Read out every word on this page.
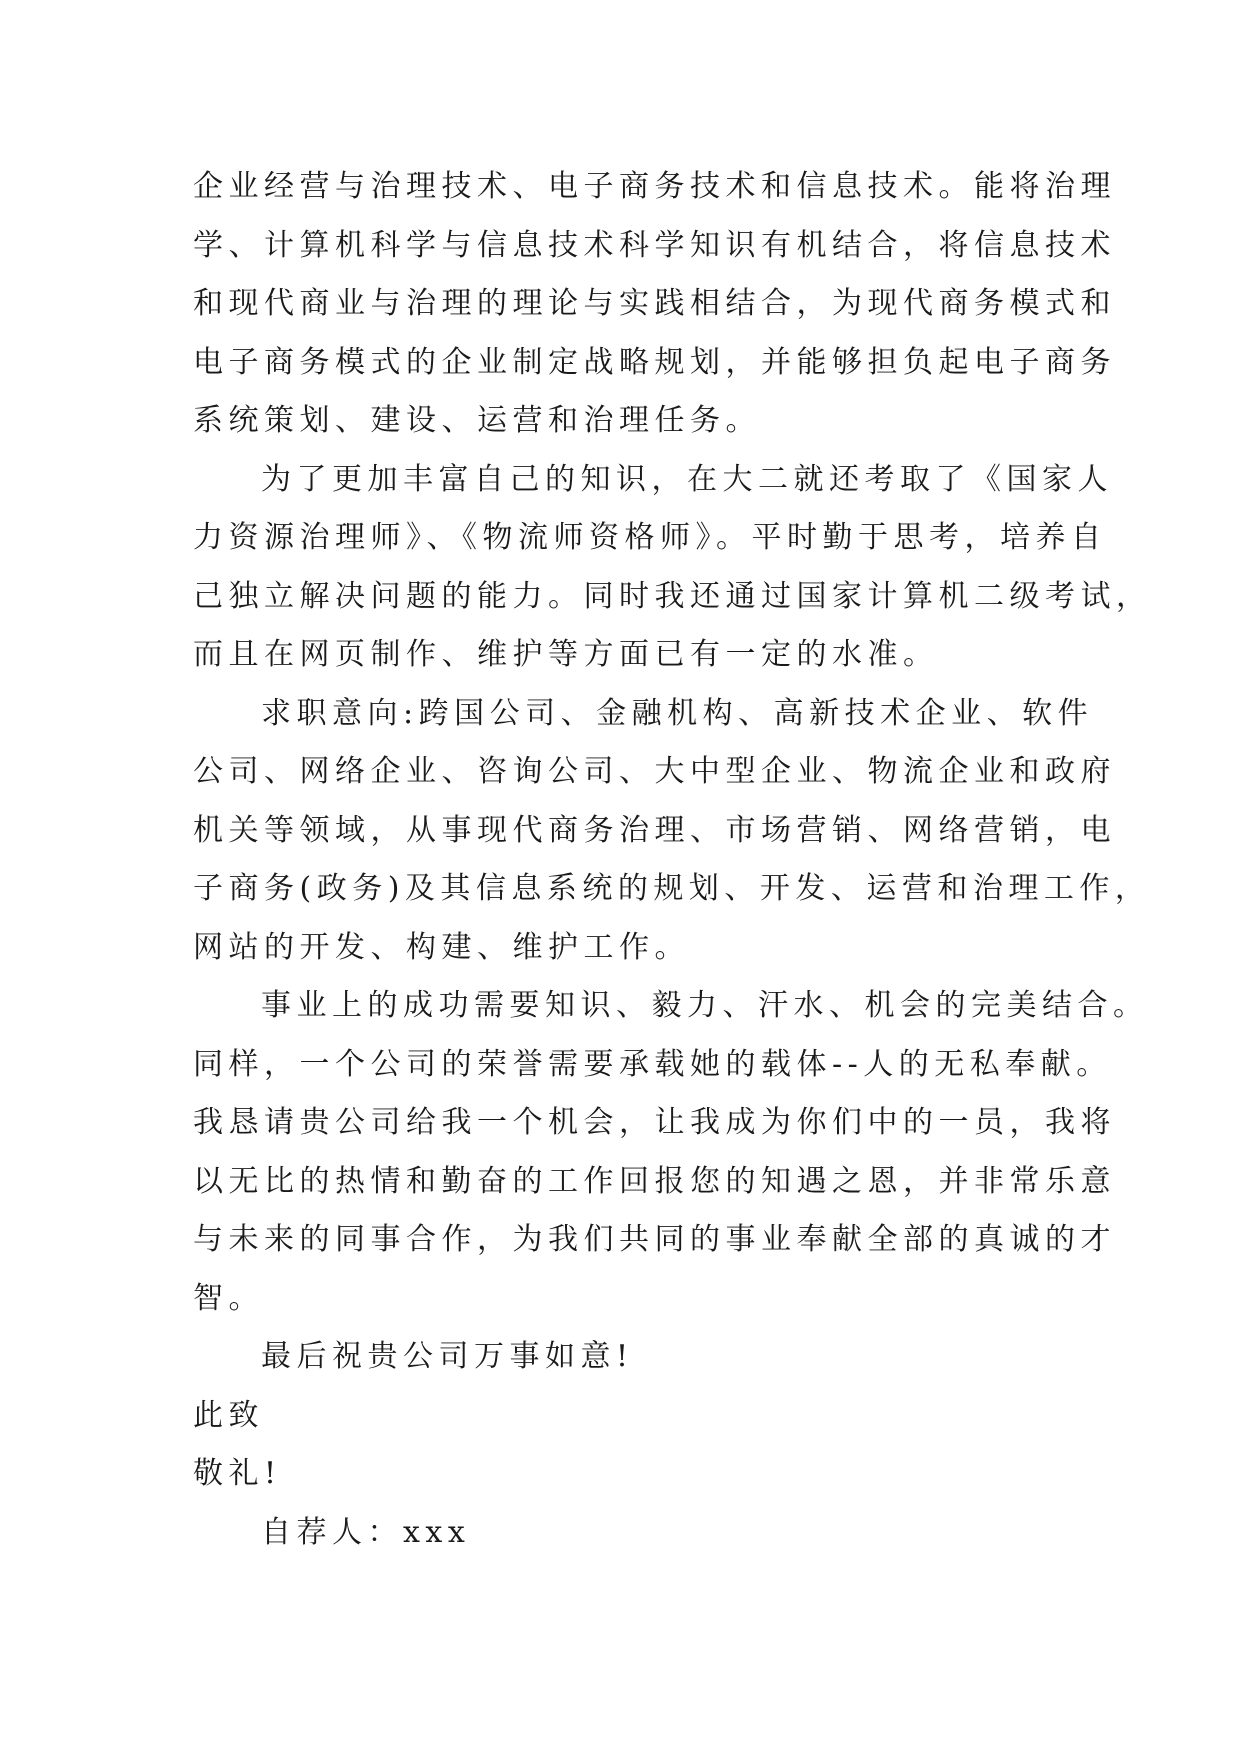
企业经营与治理技术、电子商务技术和信息技术。能将治理
学、计算机科学与信息技术科学知识有机结合，将信息技术
和现代商业与治理的理论与实践相结合，为现代商务模式和
电子商务模式的企业制定战略规划，并能够担负起电子商务
系统策划、建设、运营和治理任务。
为了更加丰富自己的知识，在大二就还考取了《国家人
力资源治理师》、《物流师资格师》。平时勤于思考，培养自
己独立解决问题的能力。同时我还通过国家计算机二级考试，
而且在网页制作、维护等方面已有一定的水准。
求职意向:跨国公司、金融机构、高新技术企业、软件
公司、网络企业、咨询公司、大中型企业、物流企业和政府
机关等领域，从事现代商务治理、市场营销、网络营销，电
子商务(政务)及其信息系统的规划、开发、运营和治理工作，
网站的开发、构建、维护工作。
事业上的成功需要知识、毅力、汗水、机会的完美结合。
同样，一个公司的荣誉需要承载她的载体--人的无私奉献。
我恳请贵公司给我一个机会，让我成为你们中的一员，我将
以无比的热情和勤奋的工作回报您的知遇之恩，并非常乐意
与未来的同事合作，为我们共同的事业奉献全部的真诚的才
智。
最后祝贵公司万事如意!
此致
敬礼!
自荐人：xxx
